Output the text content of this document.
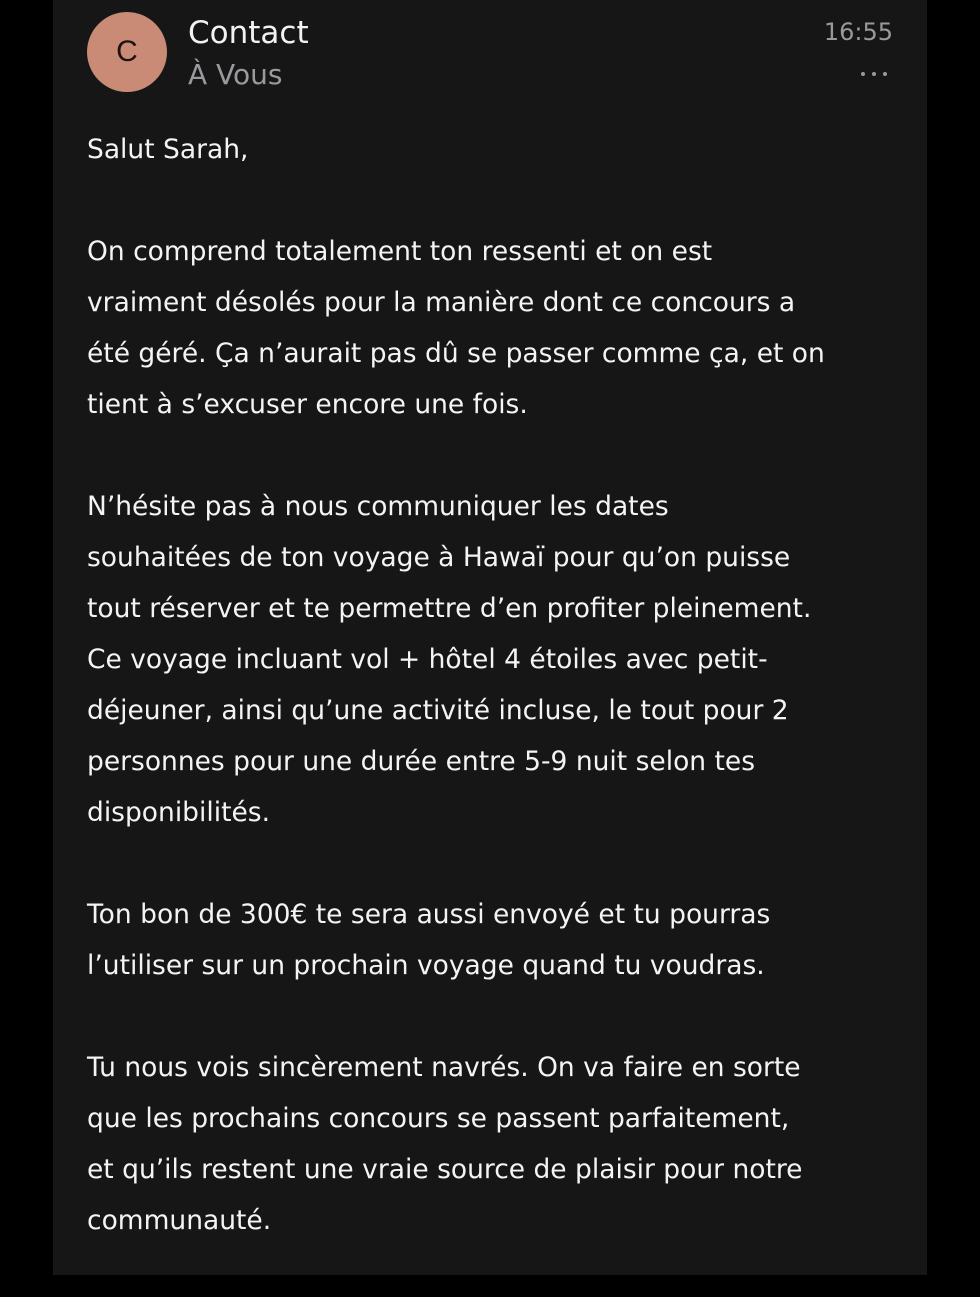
C
Contact
À Vous
16:55

Salut Sarah,

On comprend totalement ton ressenti et on est
vraiment désolés pour la manière dont ce concours a
été géré. Ça n’aurait pas dû se passer comme ça, et on
tient à s’excuser encore une fois.

N’hésite pas à nous communiquer les dates
souhaitées de ton voyage à Hawaï pour qu’on puisse
tout réserver et te permettre d’en profiter pleinement.
Ce voyage incluant vol + hôtel 4 étoiles avec petit-
déjeuner, ainsi qu’une activité incluse, le tout pour 2
personnes pour une durée entre 5-9 nuit selon tes
disponibilités.

Ton bon de 300€ te sera aussi envoyé et tu pourras
l’utiliser sur un prochain voyage quand tu voudras.

Tu nous vois sincèrement navrés. On va faire en sorte
que les prochains concours se passent parfaitement,
et qu’ils restent une vraie source de plaisir pour notre
communauté.
